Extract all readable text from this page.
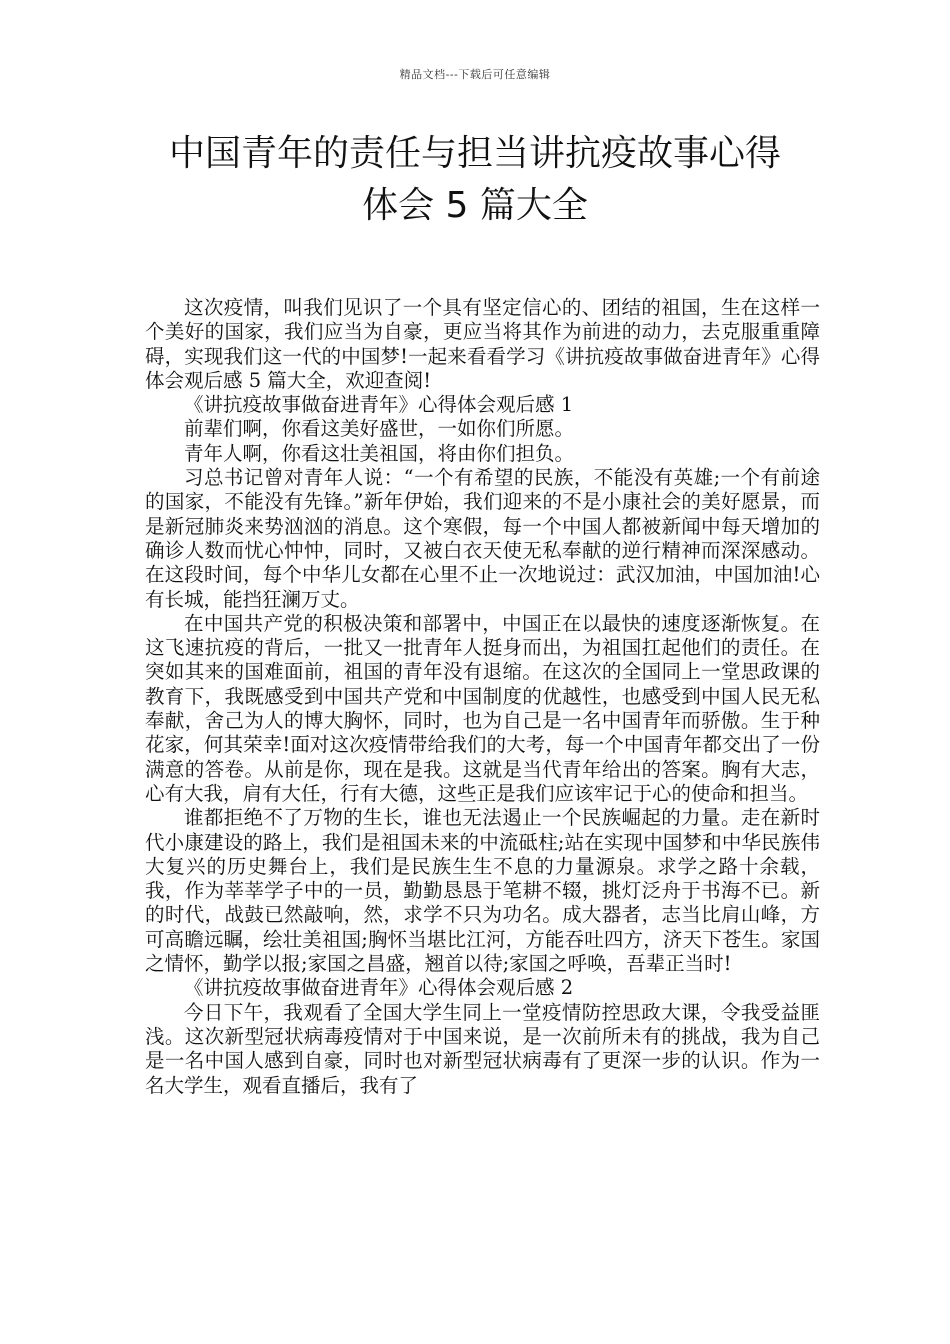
精品文档---下载后可任意编辑
中国青年的责任与担当讲抗疫故事心得
体会 5 篇大全

这次疫情，叫我们见识了一个具有坚定信心的、团结的祖国，生在这样一个美好的国家，我们应当为自豪，更应当将其作为前进的动力，去克服重重障碍，实现我们这一代的中国梦!一起来看看学习《讲抗疫故事做奋进青年》心得体会观后感 5 篇大全，欢迎查阅!

《讲抗疫故事做奋进青年》心得体会观后感 1

前辈们啊，你看这美好盛世，一如你们所愿。

青年人啊，你看这壮美祖国，将由你们担负。

习总书记曾对青年人说：“一个有希望的民族，不能没有英雄;一个有前途的国家，不能没有先锋。”新年伊始，我们迎来的不是小康社会的美好愿景，而是新冠肺炎来势汹汹的消息。这个寒假，每一个中国人都被新闻中每天增加的确诊人数而忧心忡忡，同时，又被白衣天使无私奉献的逆行精神而深深感动。在这段时间，每个中华儿女都在心里不止一次地说过：武汉加油，中国加油!心有长城，能挡狂澜万丈。

在中国共产党的积极决策和部署中，中国正在以最快的速度逐渐恢复。在这飞速抗疫的背后，一批又一批青年人挺身而出，为祖国扛起他们的责任。在突如其来的国难面前，祖国的青年没有退缩。在这次的全国同上一堂思政课的教育下，我既感受到中国共产党和中国制度的优越性，也感受到中国人民无私奉献，舍己为人的博大胸怀，同时，也为自己是一名中国青年而骄傲。生于种花家，何其荣幸!面对这次疫情带给我们的大考，每一个中国青年都交出了一份满意的答卷。从前是你，现在是我。这就是当代青年给出的答案。胸有大志，心有大我，肩有大任，行有大德，这些正是我们应该牢记于心的使命和担当。

谁都拒绝不了万物的生长，谁也无法遏止一个民族崛起的力量。走在新时代小康建设的路上，我们是祖国未来的中流砥柱;站在实现中国梦和中华民族伟大复兴的历史舞台上，我们是民族生生不息的力量源泉。求学之路十余载，我，作为莘莘学子中的一员，勤勤恳恳于笔耕不辍，挑灯泛舟于书海不已。新的时代，战鼓已然敲响，然，求学不只为功名。成大器者，志当比肩山峰，方可高瞻远瞩，绘壮美祖国;胸怀当堪比江河，方能吞吐四方，济天下苍生。家国之情怀，勤学以报;家国之昌盛，翘首以待;家国之呼唤，吾辈正当时!

《讲抗疫故事做奋进青年》心得体会观后感 2

今日下午，我观看了全国大学生同上一堂疫情防控思政大课，令我受益匪浅。这次新型冠状病毒疫情对于中国来说，是一次前所未有的挑战，我为自己是一名中国人感到自豪，同时也对新型冠状病毒有了更深一步的认识。作为一名大学生，观看直播后，我有了
